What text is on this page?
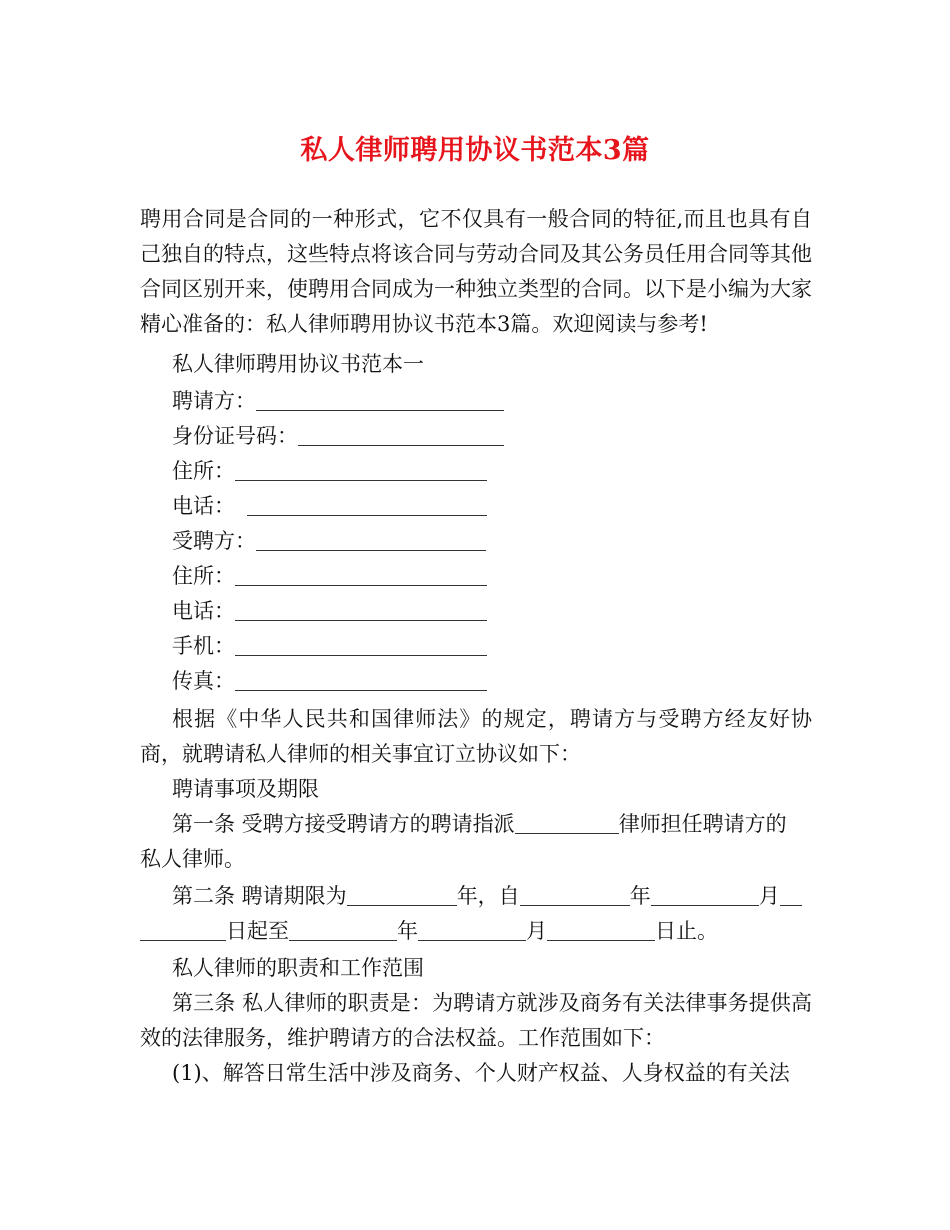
私人律师聘用协议书范本3篇
聘用合同是合同的一种形式，它不仅具有一般合同的特征,而且也具有自己独自的特点，这些特点将该合同与劳动合同及其公务员任用合同等其他合同区别开来，使聘用合同成为一种独立类型的合同。以下是小编为大家精心准备的：私人律师聘用协议书范本3篇。欢迎阅读与参考!
私人律师聘用协议书范本一
聘请方：
身份证号码：
住所：
电话：
受聘方：
住所：
电话：
手机：
传真：
根据《中华人民共和国律师法》的规定，聘请方与受聘方经友好协商，就聘请私人律师的相关事宜订立协议如下：
聘请事项及期限
第一条 受聘方接受聘请方的聘请指派	律师担任聘请方的
私人律师。
第二条 聘请期限为	年，自	年	月
日起至	年	月	日止。
私人律师的职责和工作范围
第三条 私人律师的职责是：为聘请方就涉及商务有关法律事务提供高效的法律服务，维护聘请方的合法权益。工作范围如下：
(1)、解答日常生活中涉及商务、个人财产权益、人身权益的有关法
